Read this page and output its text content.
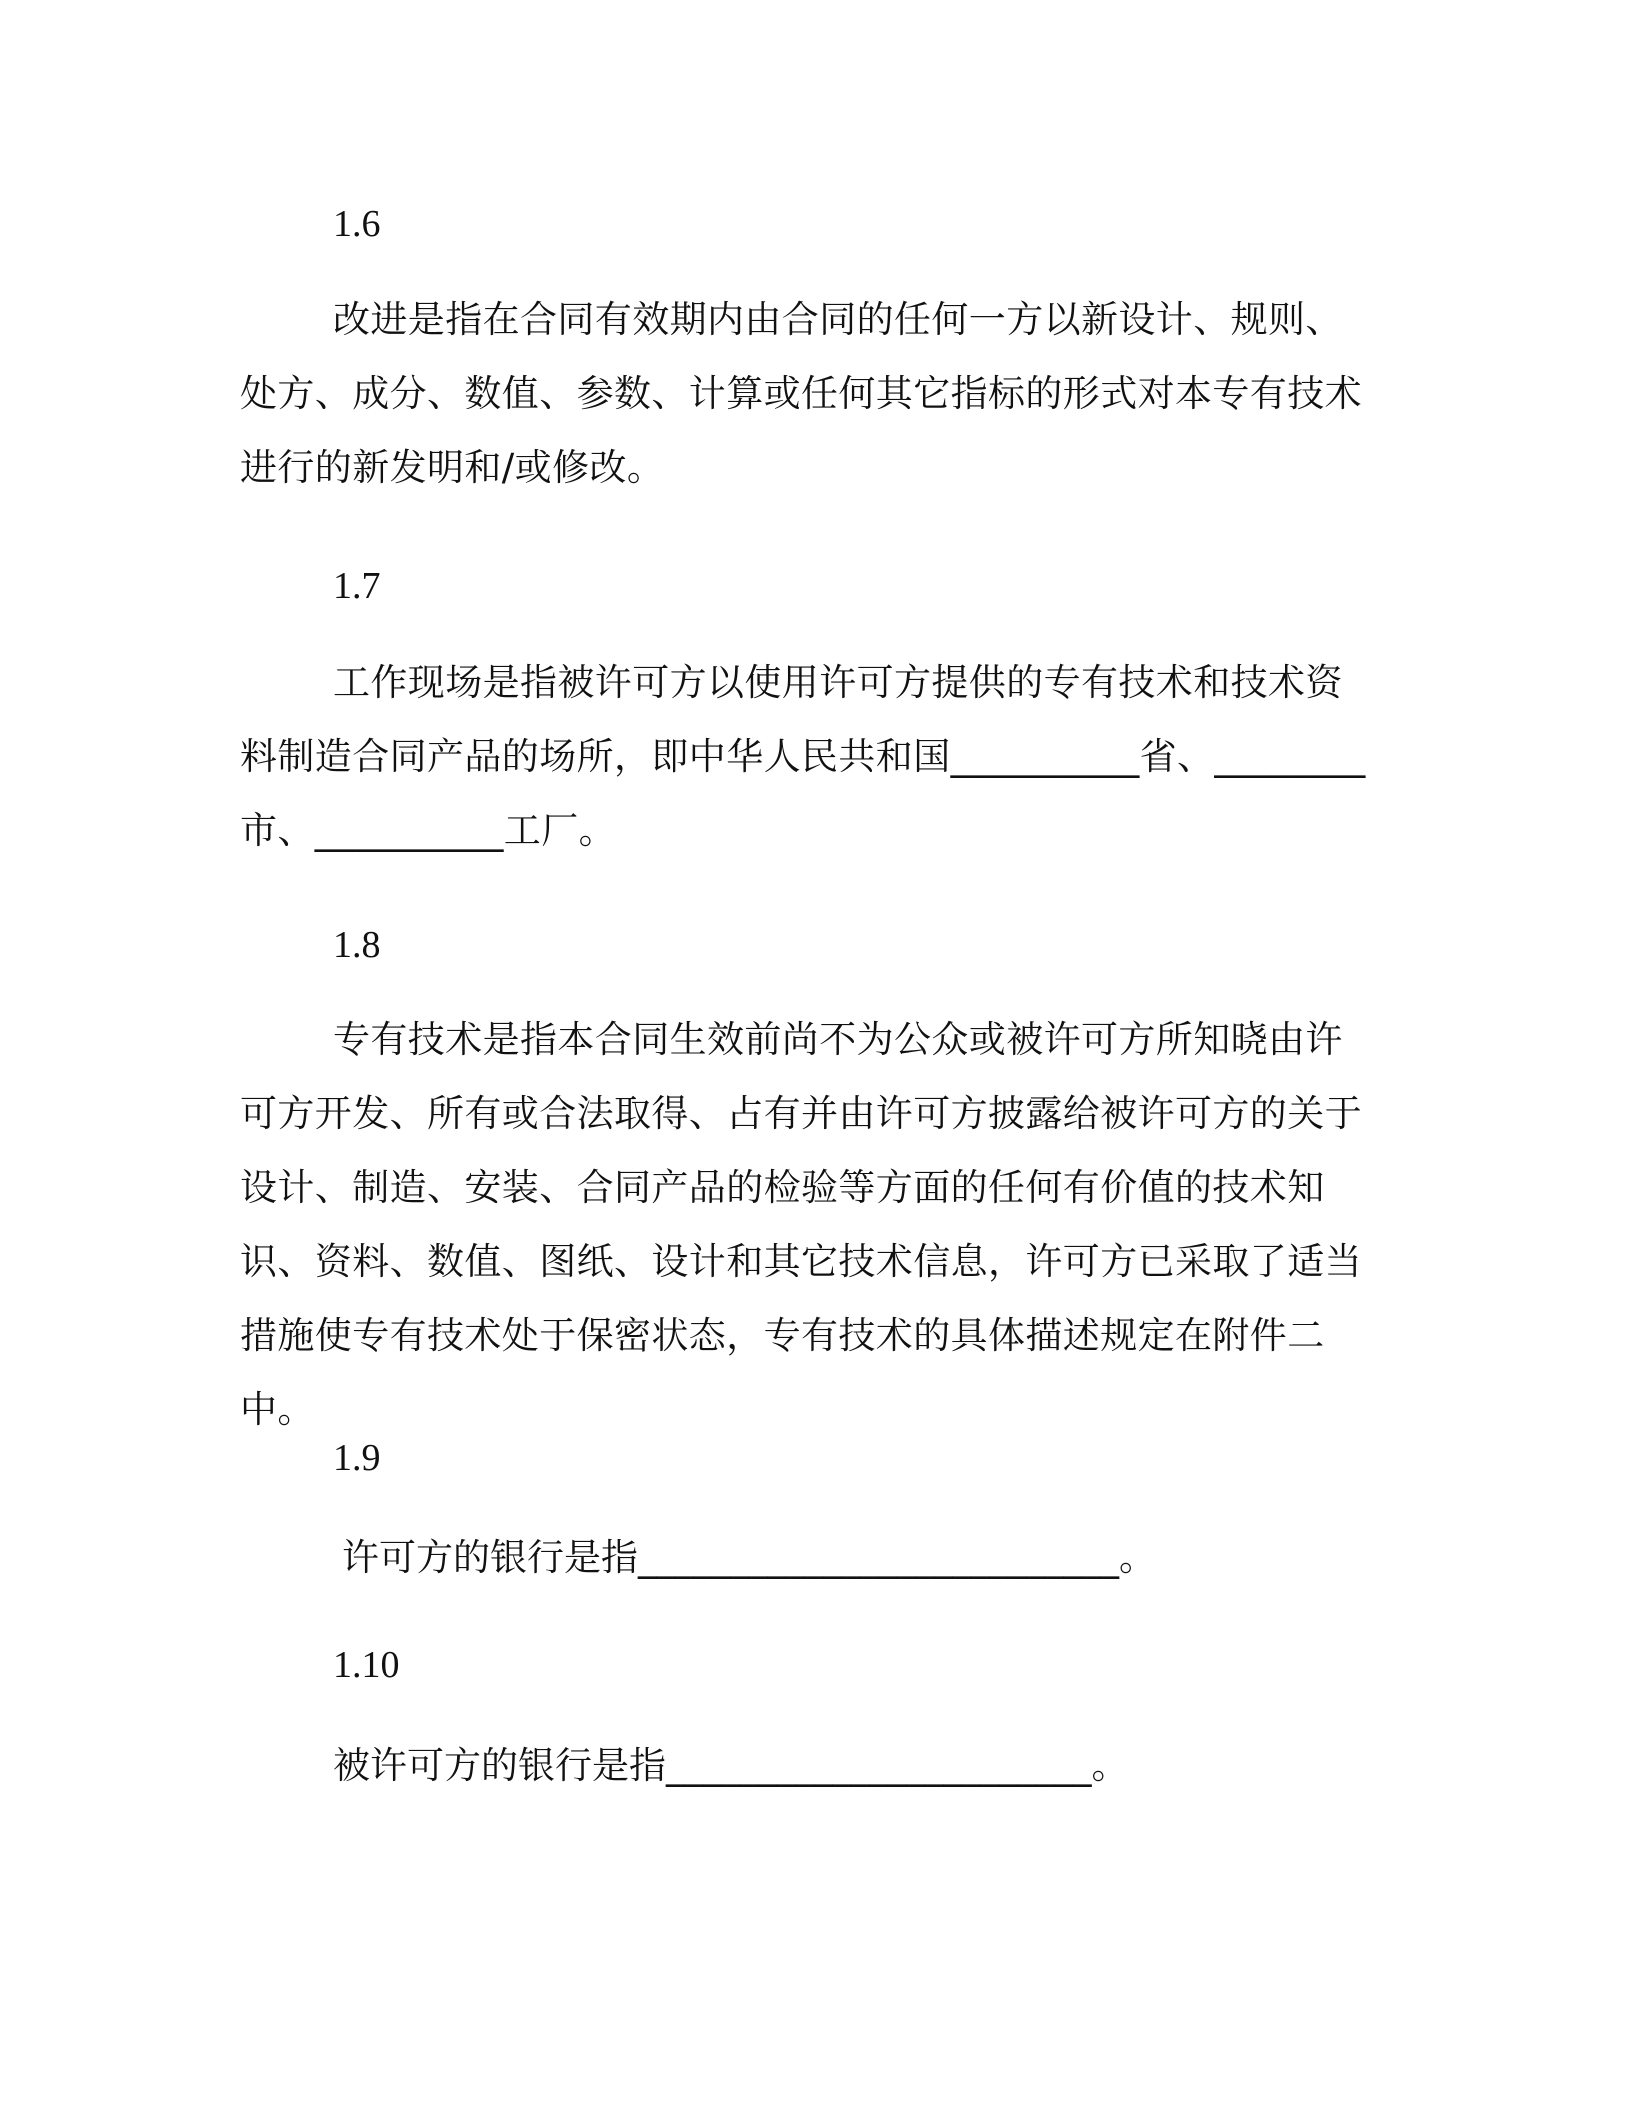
1.6

改进是指在合同有效期内由合同的任何一方以新设计、规则、处方、成分、数值、参数、计算或任何其它指标的形式对本专有技术进行的新发明和/或修改。

1.7

工作现场是指被许可方以使用许可方提供的专有技术和技术资料制造合同产品的场所，即中华人民共和国__________省、________市、__________工厂。

1.8

专有技术是指本合同生效前尚不为公众或被许可方所知晓由许可方开发、所有或合法取得、占有并由许可方披露给被许可方的关于设计、制造、安装、合同产品的检验等方面的任何有价值的技术知识、资料、数值、图纸、设计和其它技术信息，许可方已采取了适当措施使专有技术处于保密状态，专有技术的具体描述规定在附件二中。

1.9

许可方的银行是指__________________________。

1.10

被许可方的银行是指_______________________。
